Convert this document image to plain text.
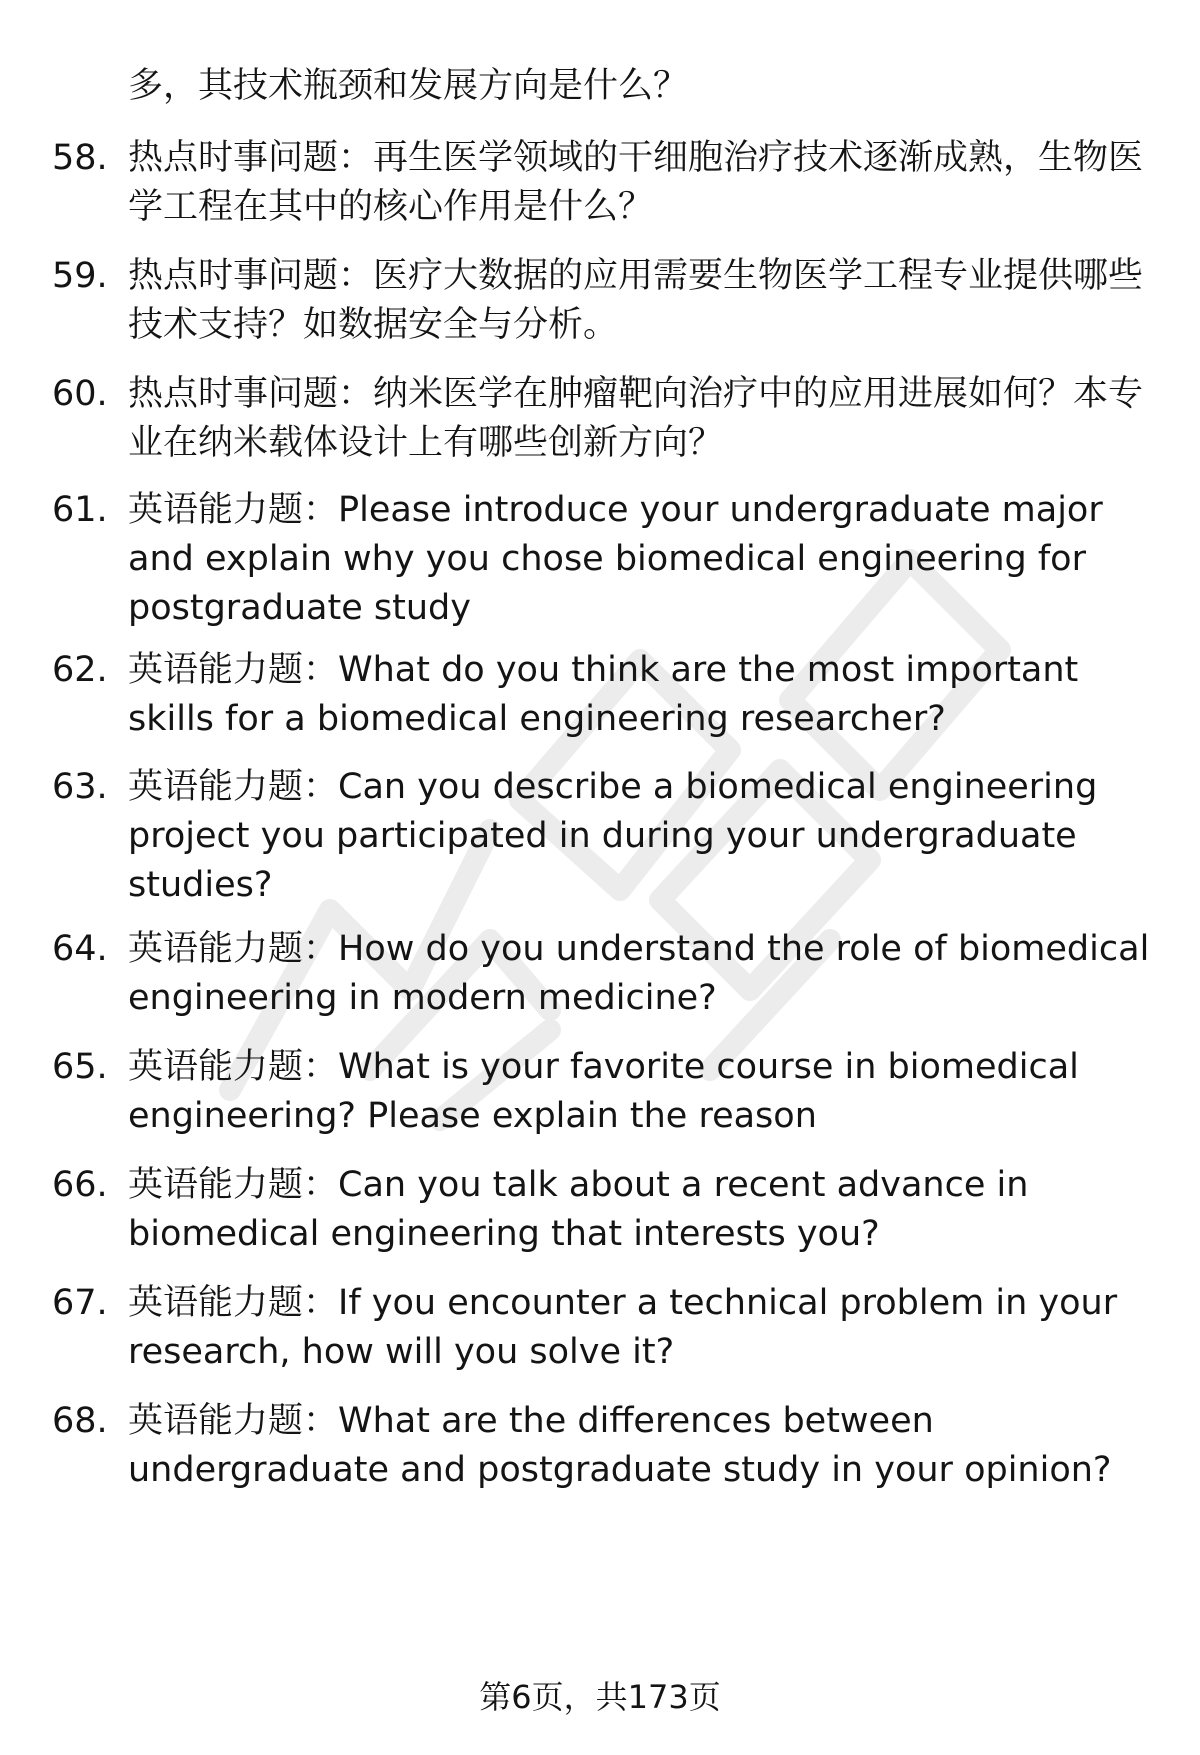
多，其技术瓶颈和发展方向是什么？
58. 热点时事问题：再生医学领域的干细胞治疗技术逐渐成熟，生物医学工程在其中的核心作用是什么？
59. 热点时事问题：医疗大数据的应用需要生物医学工程专业提供哪些技术支持？如数据安全与分析。
60. 热点时事问题：纳米医学在肿瘤靶向治疗中的应用进展如何？本专业在纳米载体设计上有哪些创新方向？
61. 英语能力题：Please introduce your undergraduate major and explain why you chose biomedical engineering for postgraduate study
62. 英语能力题：What do you think are the most important skills for a biomedical engineering researcher?
63. 英语能力题：Can you describe a biomedical engineering project you participated in during your undergraduate studies?
64. 英语能力题：How do you understand the role of biomedical engineering in modern medicine?
65. 英语能力题：What is your favorite course in biomedical engineering? Please explain the reason
66. 英语能力题：Can you talk about a recent advance in biomedical engineering that interests you?
67. 英语能力题：If you encounter a technical problem in your research, how will you solve it?
68. 英语能力题：What are the differences between undergraduate and postgraduate study in your opinion?
第6页，共173页
